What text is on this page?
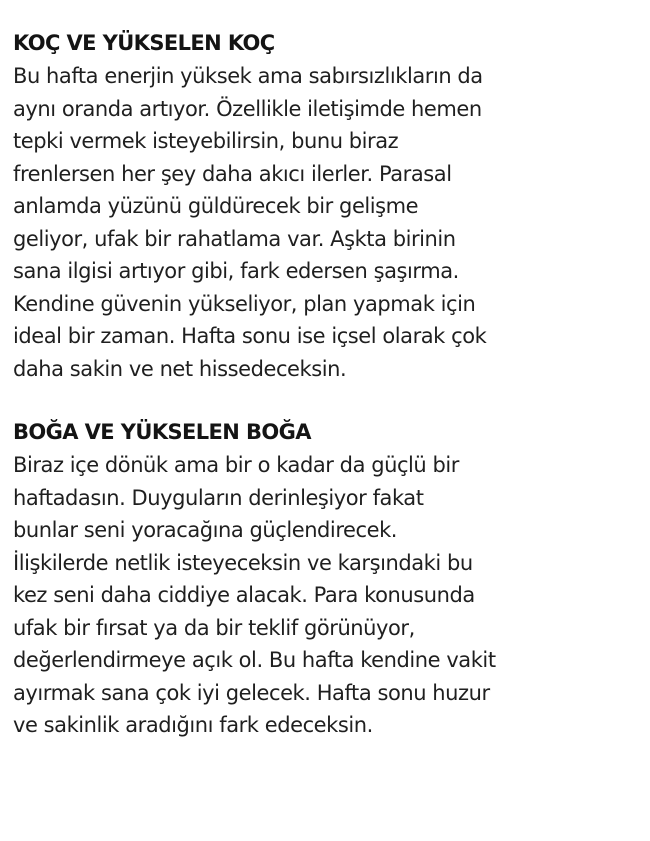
KOÇ VE YÜKSELEN KOÇ

Bu hafta enerjin yüksek ama sabırsızlıkların da
aynı oranda artıyor. Özellikle iletişimde hemen
tepki vermek isteyebilirsin, bunu biraz
frenlersen her şey daha akıcı ilerler. Parasal
anlamda yüzünü güldürecek bir gelişme
geliyor, ufak bir rahatlama var. Aşkta birinin
sana ilgisi artıyor gibi, fark edersen şaşırma.
Kendine güvenin yükseliyor, plan yapmak için
ideal bir zaman. Hafta sonu ise içsel olarak çok
daha sakin ve net hissedeceksin.

BOĞA VE YÜKSELEN BOĞA

Biraz içe dönük ama bir o kadar da güçlü bir
haftadasın. Duyguların derinleşiyor fakat
bunlar seni yoracağına güçlendirecek.
İlişkilerde netlik isteyeceksin ve karşındaki bu
kez seni daha ciddiye alacak. Para konusunda
ufak bir fırsat ya da bir teklif görünüyor,
değerlendirmeye açık ol. Bu hafta kendine vakit
ayırmak sana çok iyi gelecek. Hafta sonu huzur
ve sakinlik aradığını fark edeceksin.
